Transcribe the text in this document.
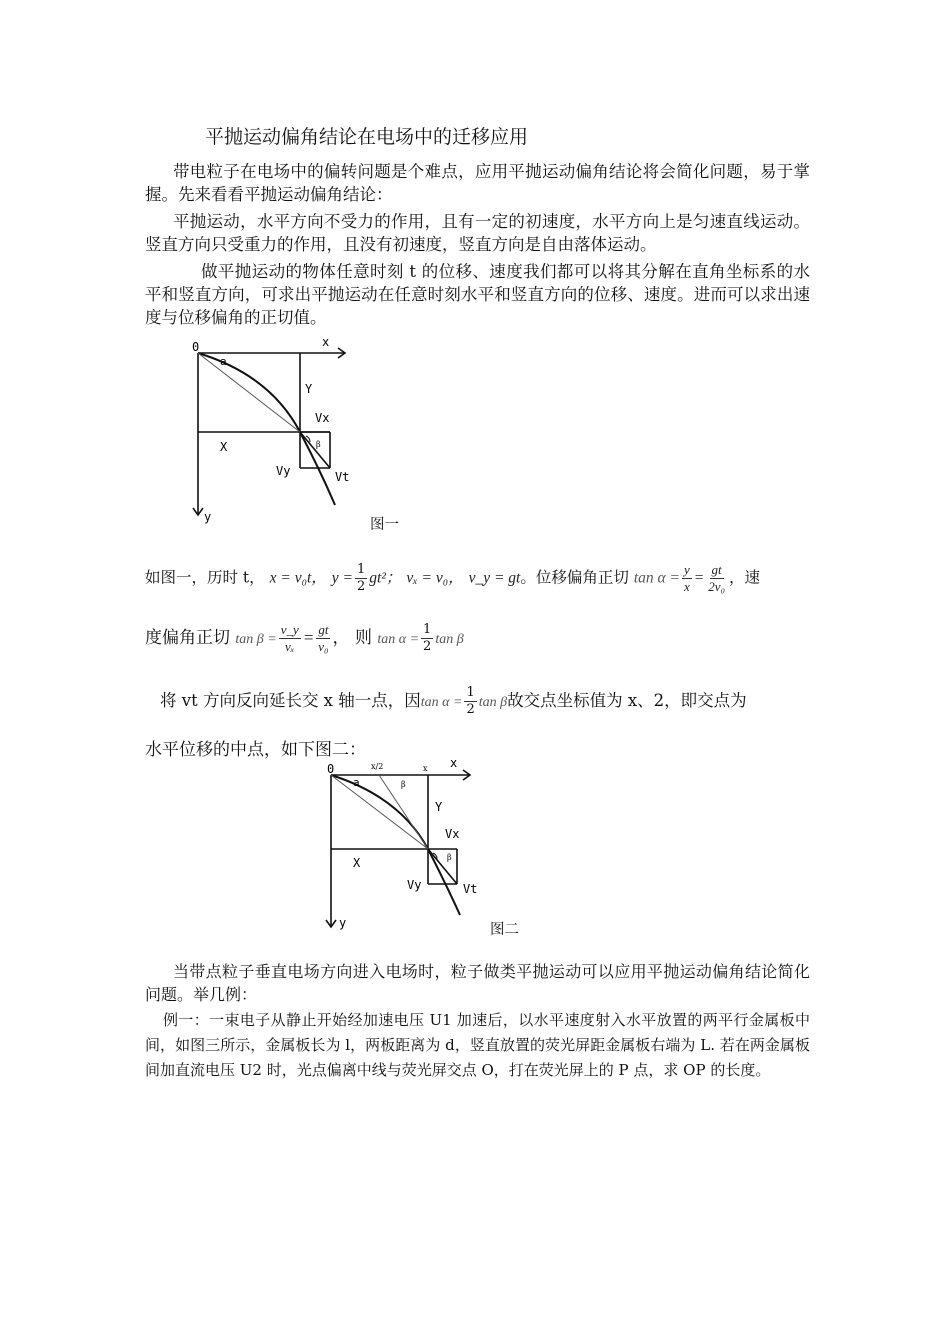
平抛运动偏角结论在电场中的迁移应用
带电粒子在电场中的偏转问题是个难点，应用平抛运动偏角结论将会简化问题，易于掌握。先来看看平抛运动偏角结论：
平抛运动，水平方向不受力的作用，且有一定的初速度，水平方向上是匀速直线运动。竖直方向只受重力的作用，且没有初速度，竖直方向是自由落体运动。
做平抛运动的物体任意时刻 t 的位移、速度我们都可以将其分解在直角坐标系的水平和竖直方向，可求出平抛运动在任意时刻水平和竖直方向的位移、速度。进而可以求出速度与位移偏角的正切值。
0	x
y
a
Y
X
Vx
Vy	Vt
β
图一
如图一，历时 t， x = v₀t， $y = \frac{1}{2} gt^2$； vₓ = v₀， v_y = gt。位移偏角正切 $\tan \alpha = \frac{y}{x} = \frac{gt}{\text{2v₀}}$ ，速
度偏角正切 $\tan \beta = \frac{v\_y}{\text{vₓ}} = \frac{gt}{\text{v₀}}$ ， 则 $\tan \alpha = \frac{1}{2}$ tan β
将 vt 方向反向延长交 x 轴一点，因$\tan \alpha = \frac{1}{2}$ tan β故交点坐标值为 x、2，即交点为
水平位移的中点，如下图二：
0	x
y
a
x/2	x
β
Y
X
Vx
Vy	Vt
β
图二
当带点粒子垂直电场方向进入电场时，粒子做类平抛运动可以应用平抛运动偏角结论简化问题。举几例：
例一：一束电子从静止开始经加速电压 U1 加速后，以水平速度射入水平放置的两平行金属板中间，如图三所示，金属板长为 l，两板距离为 d，竖直放置的荧光屏距金属板右端为 L. 若在两金属板间加直流电压 U2 时，光点偏离中线与荧光屏交点 O，打在荧光屏上的 P 点，求 OP 的长度。
